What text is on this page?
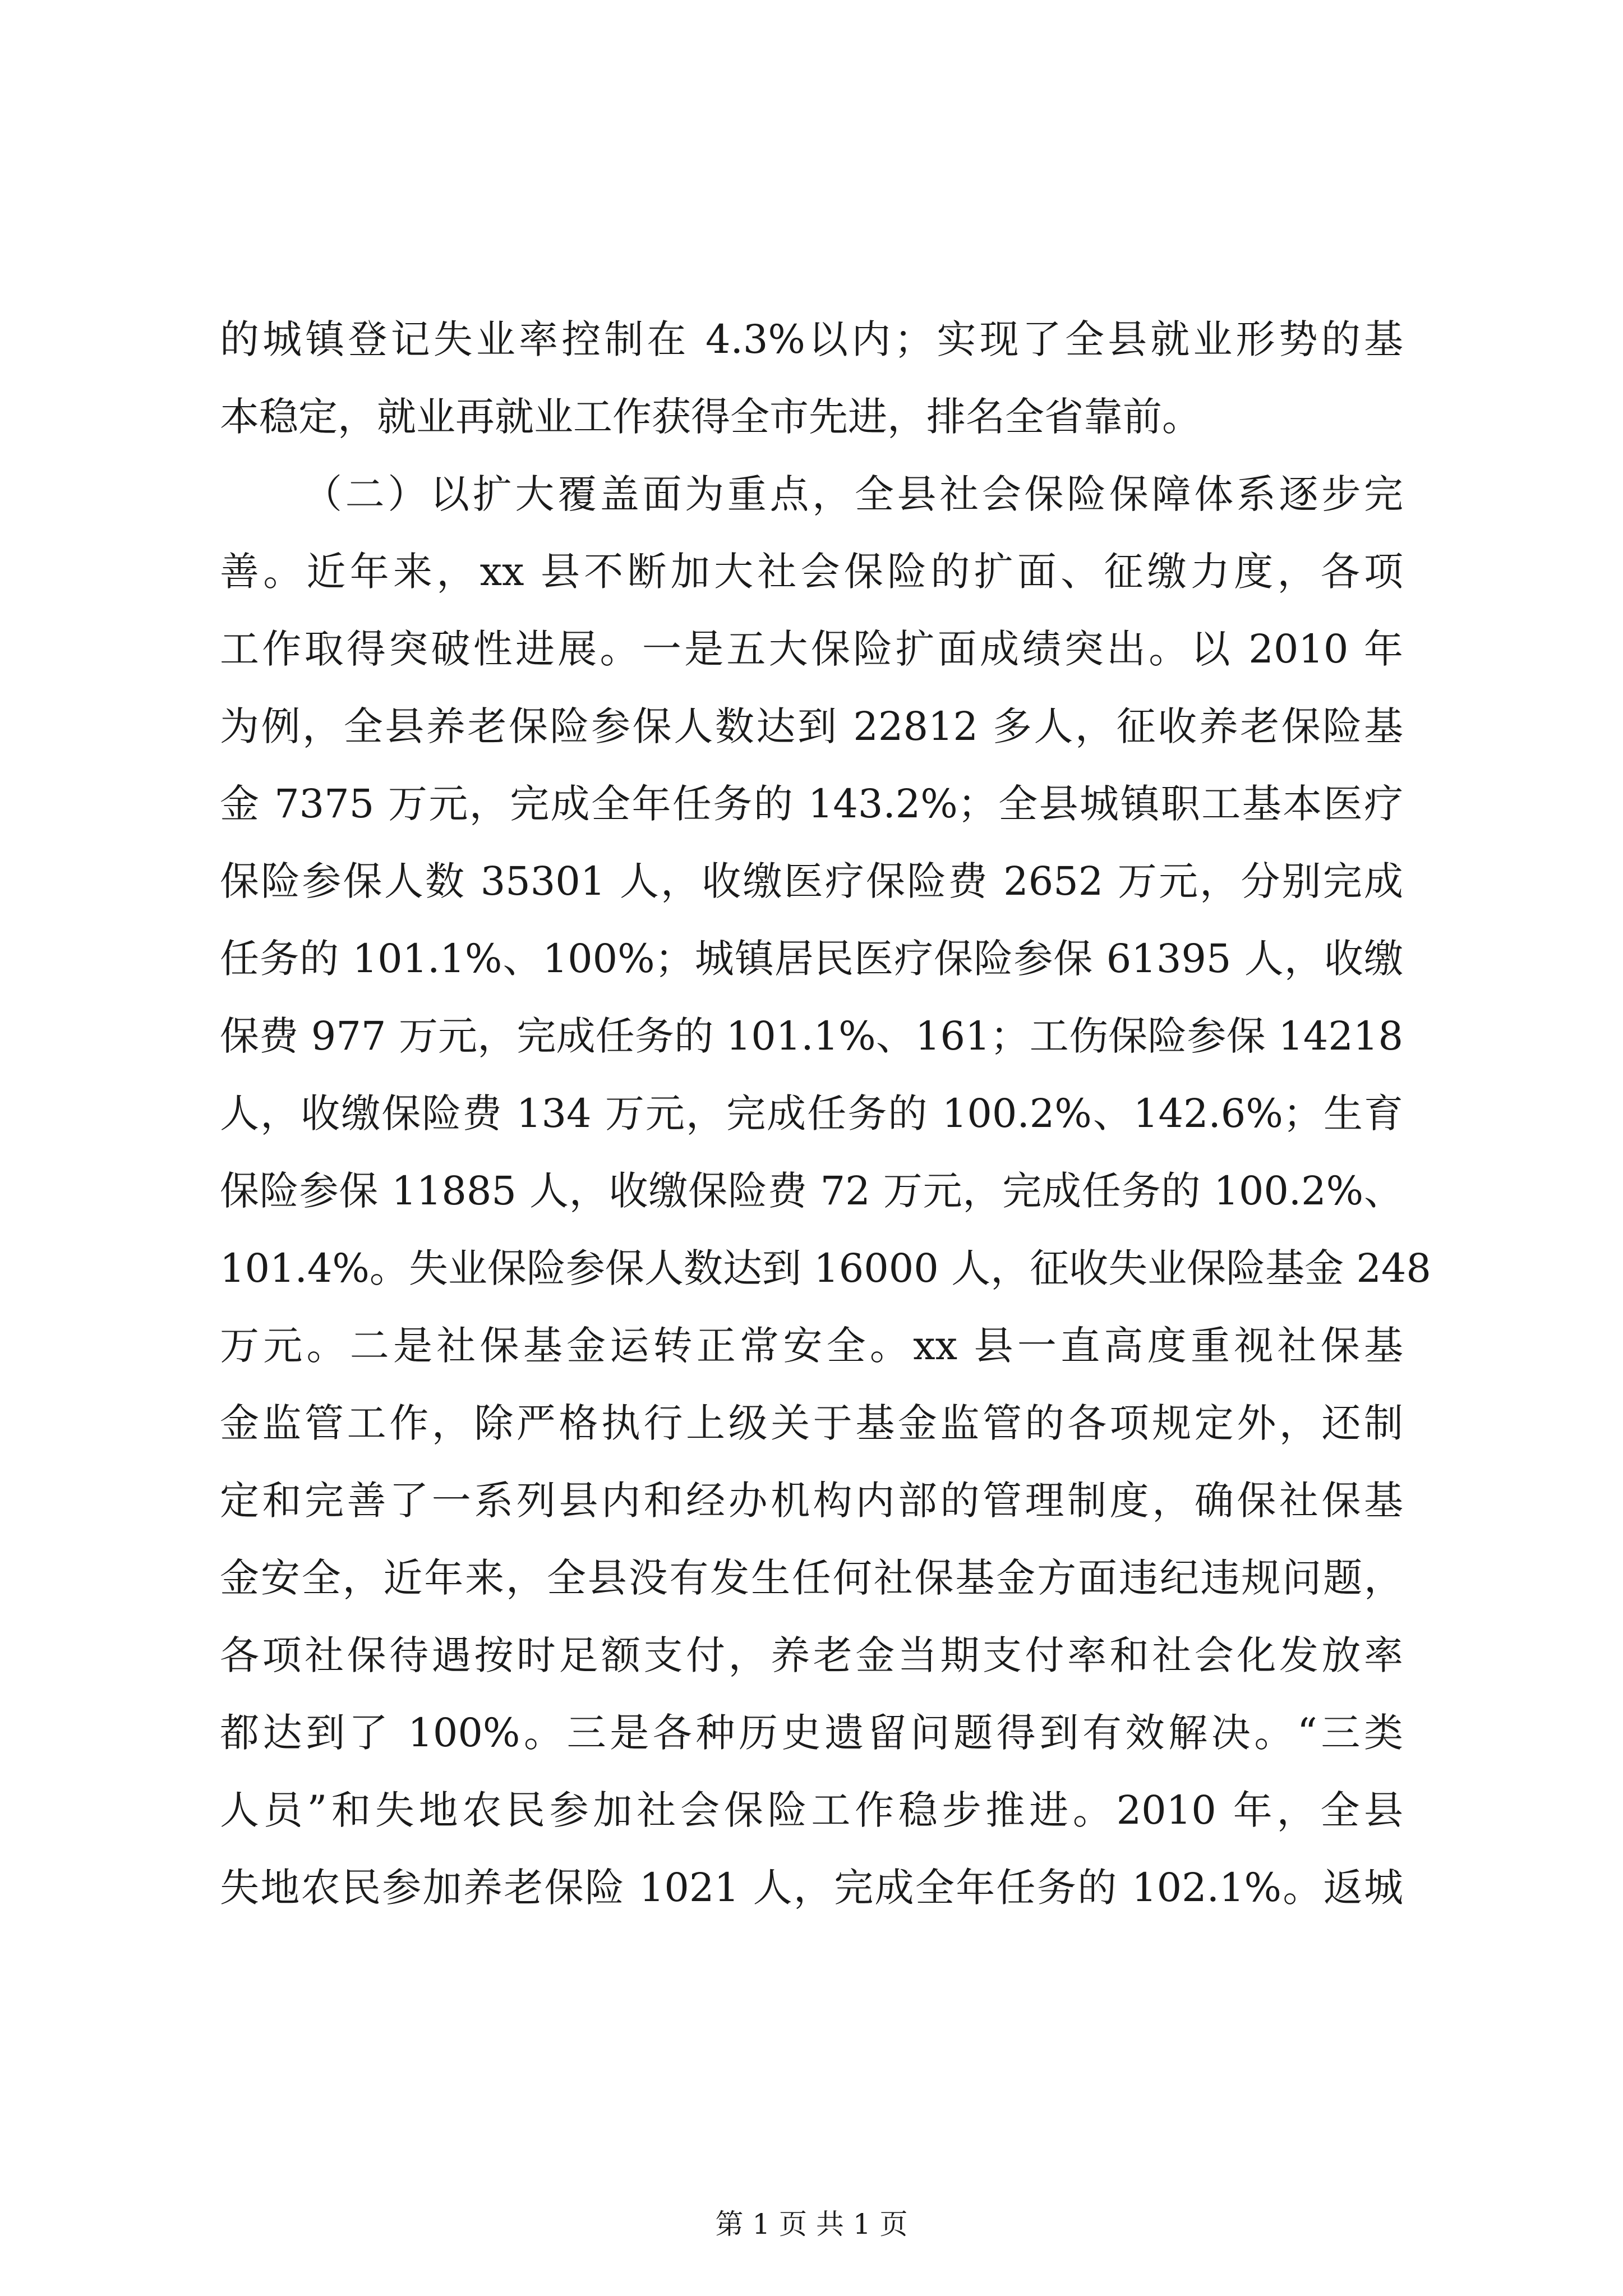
的城镇登记失业率控制在 4.3%以内；实现了全县就业形势的基
本稳定，就业再就业工作获得全市先进，排名全省靠前。
（二）以扩大覆盖面为重点，全县社会保险保障体系逐步完
善。近年来，xx 县不断加大社会保险的扩面、征缴力度，各项
工作取得突破性进展。一是五大保险扩面成绩突出。以 2010 年
为例，全县养老保险参保人数达到 22812 多人，征收养老保险基
金 7375 万元，完成全年任务的 143.2%；全县城镇职工基本医疗
保险参保人数 35301 人，收缴医疗保险费 2652 万元，分别完成
任务的 101.1%、100%；城镇居民医疗保险参保 61395 人，收缴
保费 977 万元，完成任务的 101.1%、161；工伤保险参保 14218
人，收缴保险费 134 万元，完成任务的 100.2%、142.6%；生育
保险参保 11885 人，收缴保险费 72 万元，完成任务的 100.2%、
101.4%。失业保险参保人数达到 16000 人，征收失业保险基金 248
万元。二是社保基金运转正常安全。xx 县一直高度重视社保基
金监管工作，除严格执行上级关于基金监管的各项规定外，还制
定和完善了一系列县内和经办机构内部的管理制度，确保社保基
金安全，近年来，全县没有发生任何社保基金方面违纪违规问题，
各项社保待遇按时足额支付，养老金当期支付率和社会化发放率
都达到了 100%。三是各种历史遗留问题得到有效解决。“三类
人员”和失地农民参加社会保险工作稳步推进。2010 年，全县
失地农民参加养老保险 1021 人，完成全年任务的 102.1%。返城
第 1 页 共 1 页
